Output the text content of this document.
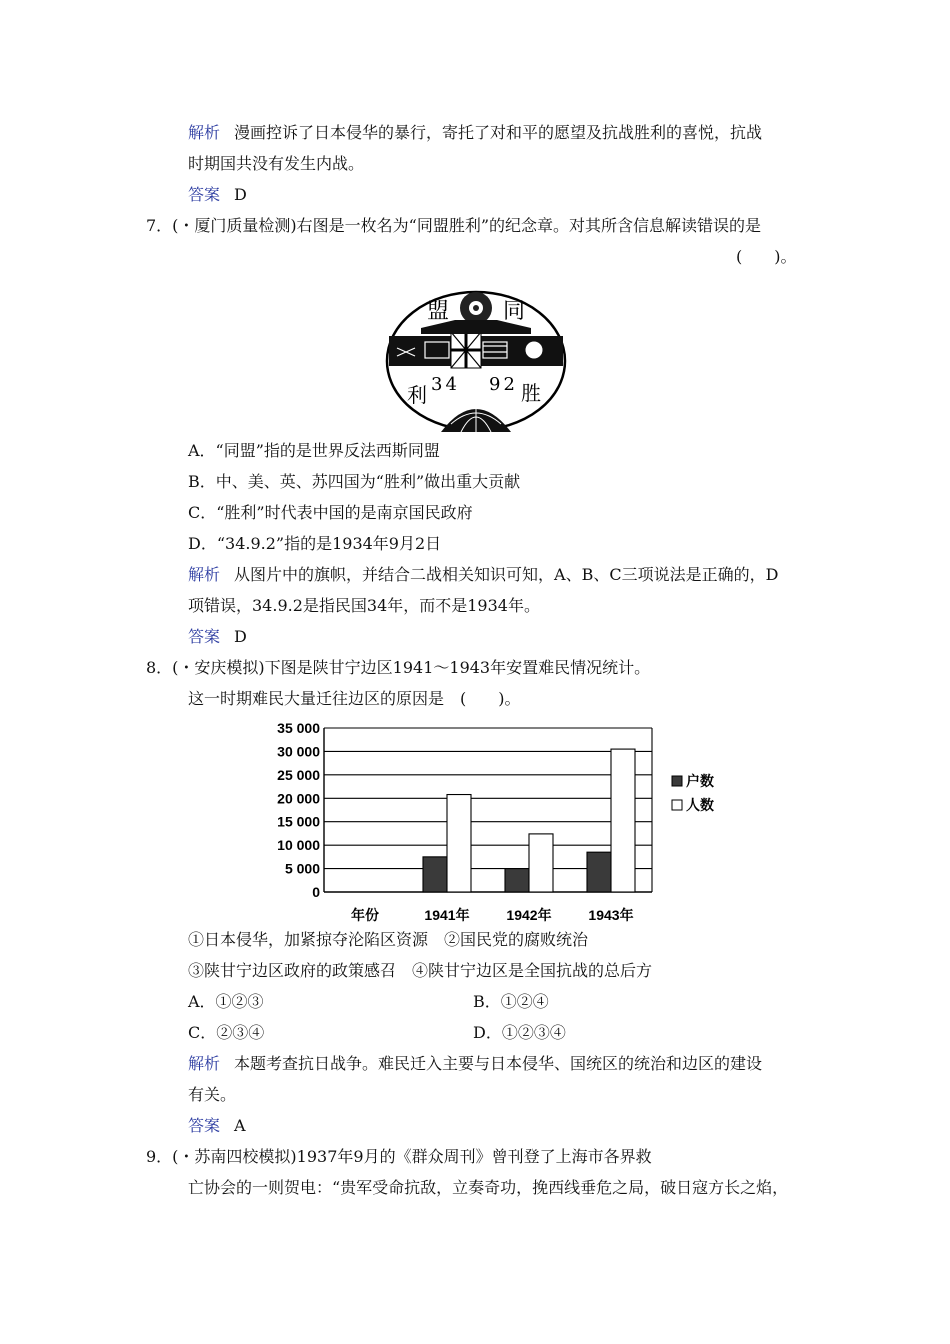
解析 漫画控诉了日本侵华的暴行，寄托了对和平的愿望及抗战胜利的喜悦，抗战
时期国共没有发生内战。
答案 D
7．(・厦门质量检测)右图是一枚名为“同盟胜利”的纪念章。对其所含信息解读错误的是
(　　)。
盟 同
利	胜
34 92
A．“同盟”指的是世界反法西斯同盟
B．中、美、英、苏四国为“胜利”做出重大贡献
C．“胜利”时代表中国的是南京国民政府
D．“34.9.2”指的是1934年9月2日
解析 从图片中的旗帜，并结合二战相关知识可知，A、B、C三项说法是正确的，D
项错误，34.9.2是指民国34年，而不是1934年。
答案 D
8．(・安庆模拟)下图是陕甘宁边区1941～1943年安置难民情况统计。
这一时期难民大量迁往边区的原因是　(　　)。
35 000
30 000
25 000
20 000
15 000
10 000
5 000
0
年份	1941年	1942年	1943年
户数
人数
①日本侵华，加紧掠夺沦陷区资源　②国民党的腐败统治
③陕甘宁边区政府的政策感召　④陕甘宁边区是全国抗战的总后方
A．①②③	B．①②④
C．②③④	D．①②③④
解析 本题考查抗日战争。难民迁入主要与日本侵华、国统区的统治和边区的建设
有关。
答案 A
9．(・苏南四校模拟)1937年9月的《群众周刊》曾刊登了上海市各界救
亡协会的一则贺电：“贵军受命抗敌，立奏奇功，挽西线垂危之局，破日寇方长之焰，
